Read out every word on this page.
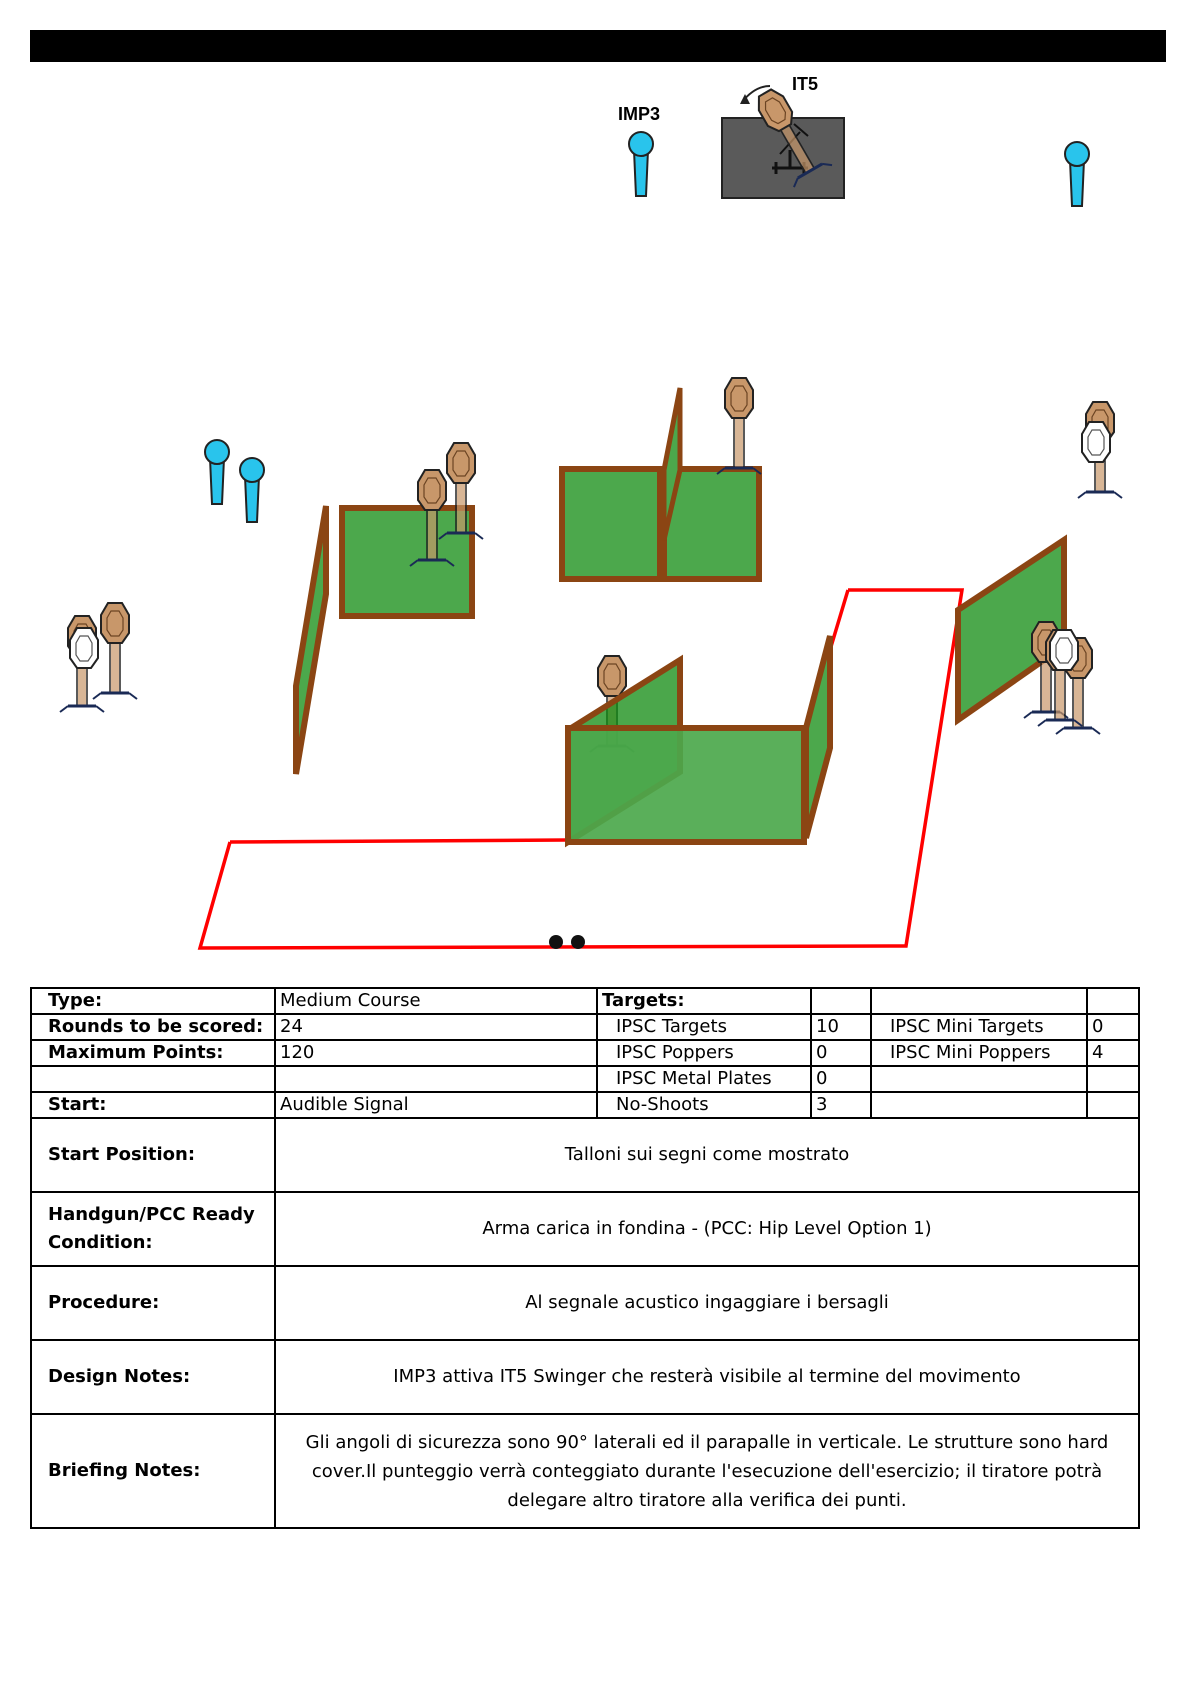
IMP3
IT5
Type:	Medium Course	Targets:			
Rounds to be scored:	24	IPSC Targets	10	IPSC Mini Targets	0
Maximum Points:	120	IPSC Poppers	0	IPSC Mini Poppers	4
		IPSC Metal Plates	0		
Start:	Audible Signal	No-Shoots	3		
Start Position:	Talloni sui segni come mostrato				
Handgun/PCC Ready Condition:	Arma carica in fondina - (PCC: Hip Level Option 1)				
Procedure:	Al segnale acustico ingaggiare i bersagli				
Design Notes:	IMP3 attiva IT5 Swinger che resterà visibile al termine del movimento				
Briefing Notes:	Gli angoli di sicurezza sono 90° laterali ed il parapalle in verticale. Le strutture sono hard cover.Il punteggio verrà conteggiato durante l'esecuzione dell'esercizio; il tiratore potrà delegare altro tiratore alla verifica dei punti.				
